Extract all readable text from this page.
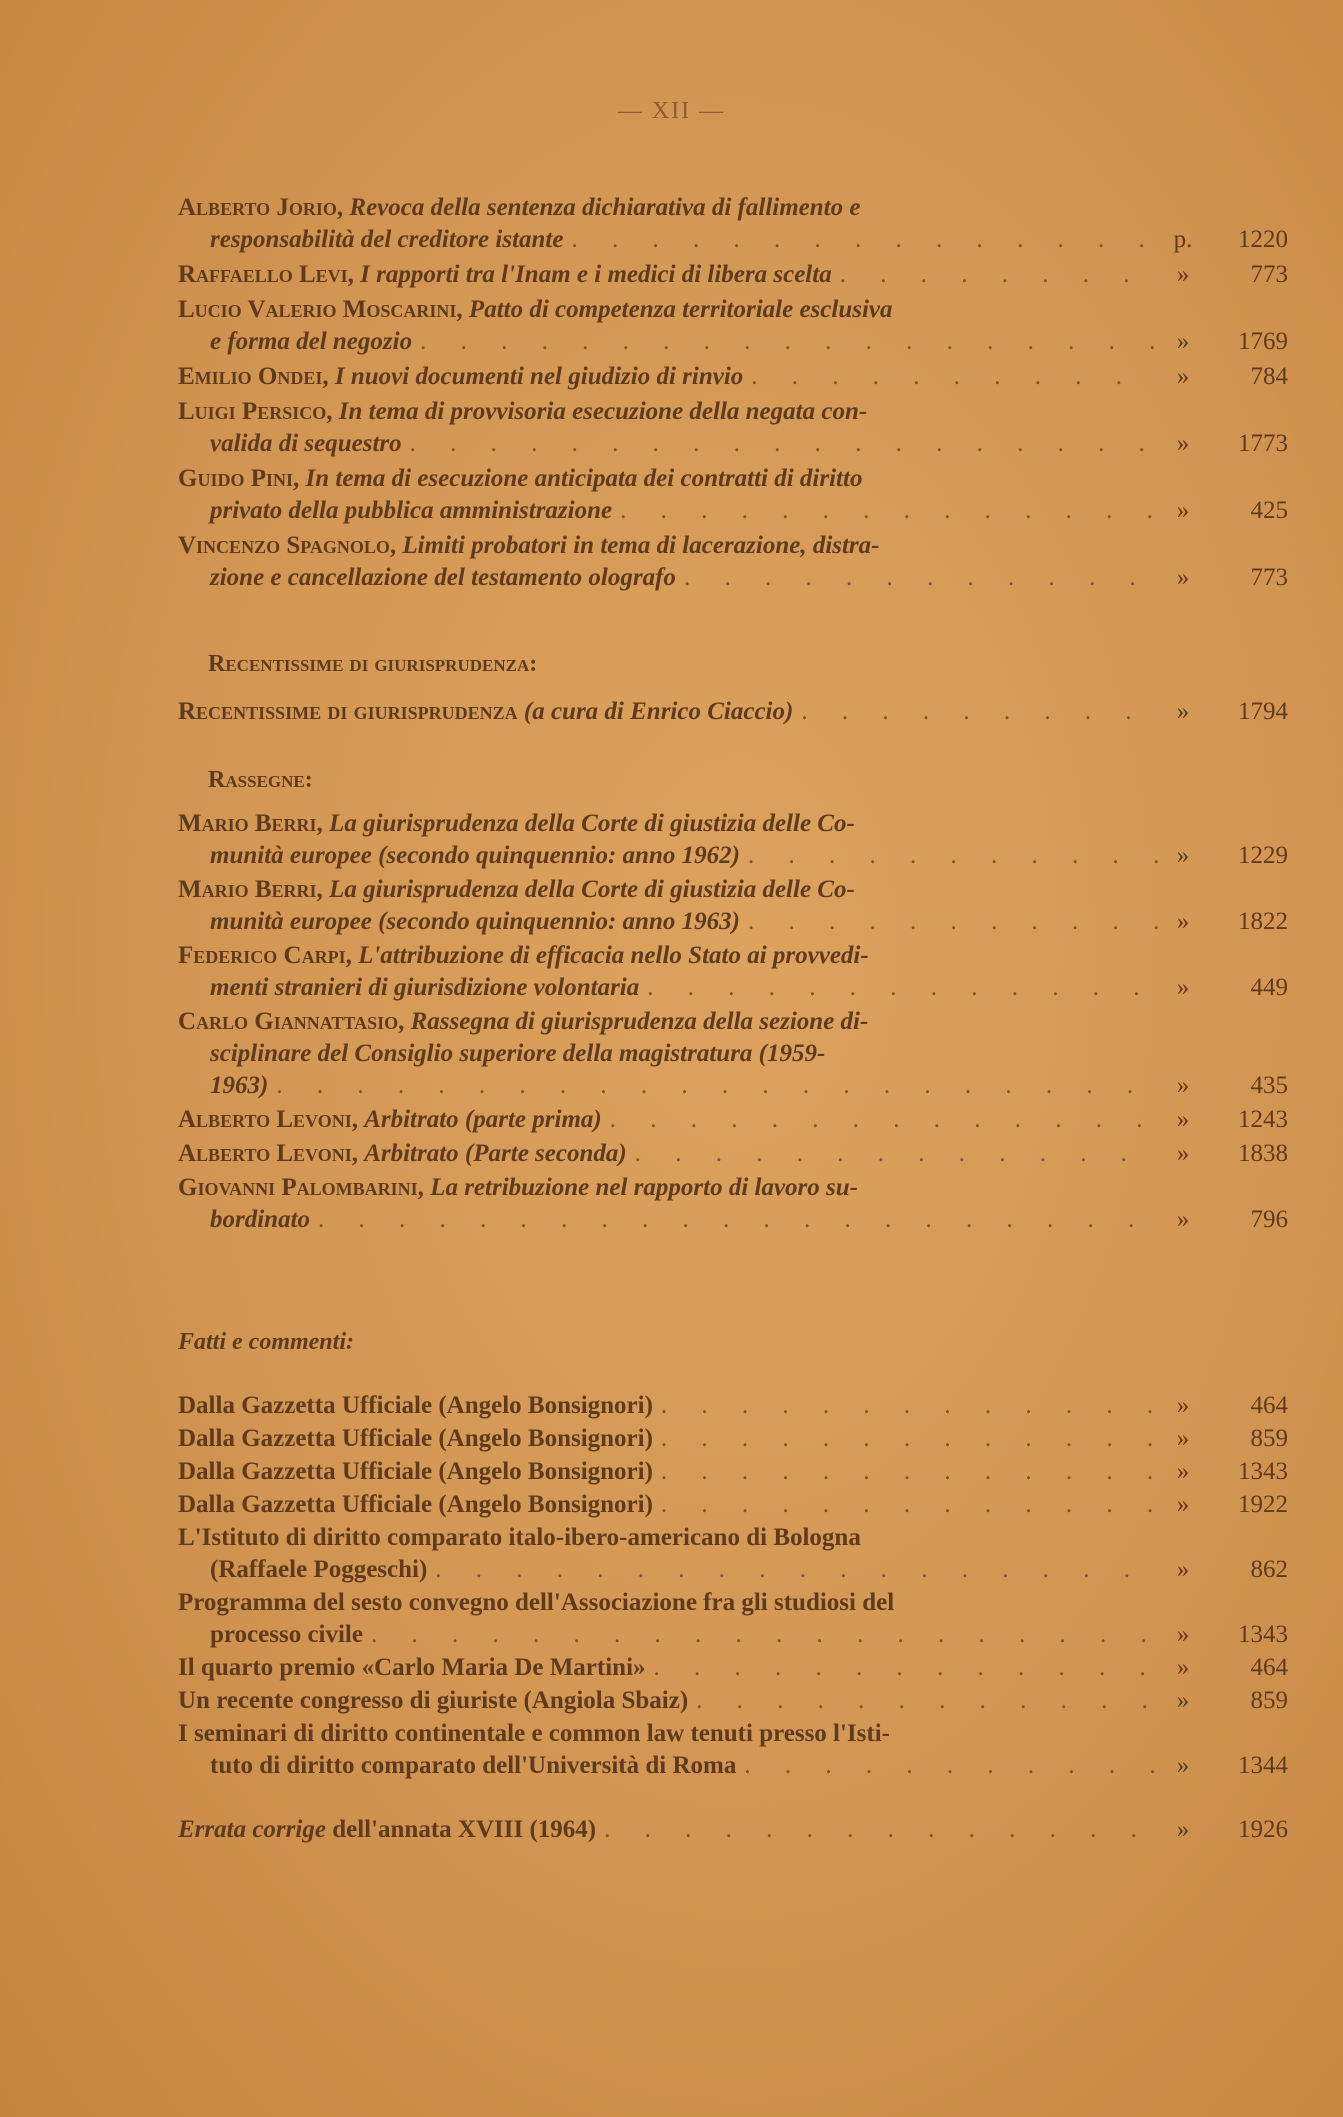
— XII —
Alberto Jorio, Revoca della sentenza dichiarativa di fallimento e
responsabilità del creditore istante . . .	p.	1220
Raffaello Levi, I rapporti tra l'Inam e i medici di libera scelta . . .	»	773
Lucio Valerio Moscarini, Patto di competenza territoriale esclusiva
e forma del negozio . . .	»	1769
Emilio Ondei, I nuovi documenti nel giudizio di rinvio . . .	»	784
Luigi Persico, In tema di provvisoria esecuzione della negata con-
valida di sequestro . . .	»	1773
Guido Pini, In tema di esecuzione anticipata dei contratti di diritto
privato della pubblica amministrazione . . .	»	425
Vincenzo Spagnolo, Limiti probatori in tema di lacerazione, distra-
zione e cancellazione del testamento olografo . . .	»	773
Recentissime di giurisprudenza:
Recentissime di giurisprudenza (a cura di Enrico Ciaccio) . . .	»	1794
Rassegne:
Mario Berri, La giurisprudenza della Corte di giustizia delle Co-
munità europee (secondo quinquennio: anno 1962) . . .	»	1229
Mario Berri, La giurisprudenza della Corte di giustizia delle Co-
munità europee (secondo quinquennio: anno 1963) . . .	»	1822
Federico Carpi, L'attribuzione di efficacia nello Stato ai provvedi-
menti stranieri di giurisdizione volontaria . . .	»	449
Carlo Giannattasio, Rassegna di giurisprudenza della sezione di-
sciplinare del Consiglio superiore della magistratura (1959-
1963) . . .	»	435
Alberto Levoni, Arbitrato (parte prima) . . .	»	1243
Alberto Levoni, Arbitrato (Parte seconda) . . .	»	1838
Giovanni Palombarini, La retribuzione nel rapporto di lavoro su-
bordinato . . .	»	796
Fatti e commenti:
Dalla Gazzetta Ufficiale (Angelo Bonsignori) . . .	»	464
Dalla Gazzetta Ufficiale (Angelo Bonsignori) . . .	»	859
Dalla Gazzetta Ufficiale (Angelo Bonsignori) . . .	»	1343
Dalla Gazzetta Ufficiale (Angelo Bonsignori) . . .	»	1922
L'Istituto di diritto comparato italo-ibero-americano di Bologna
(Raffaele Poggeschi) . . .	»	862
Programma del sesto convegno dell'Associazione fra gli studiosi del
processo civile . . .	»	1343
Il quarto premio «Carlo Maria De Martini» . . .	»	464
Un recente congresso di giuriste (Angiola Sbaiz) . . .	»	859
I seminari di diritto continentale e common law tenuti presso l'Isti-
tuto di diritto comparato dell'Università di Roma . . .	»	1344
Errata corrige dell'annata XVIII (1964) . . .	»	1926
